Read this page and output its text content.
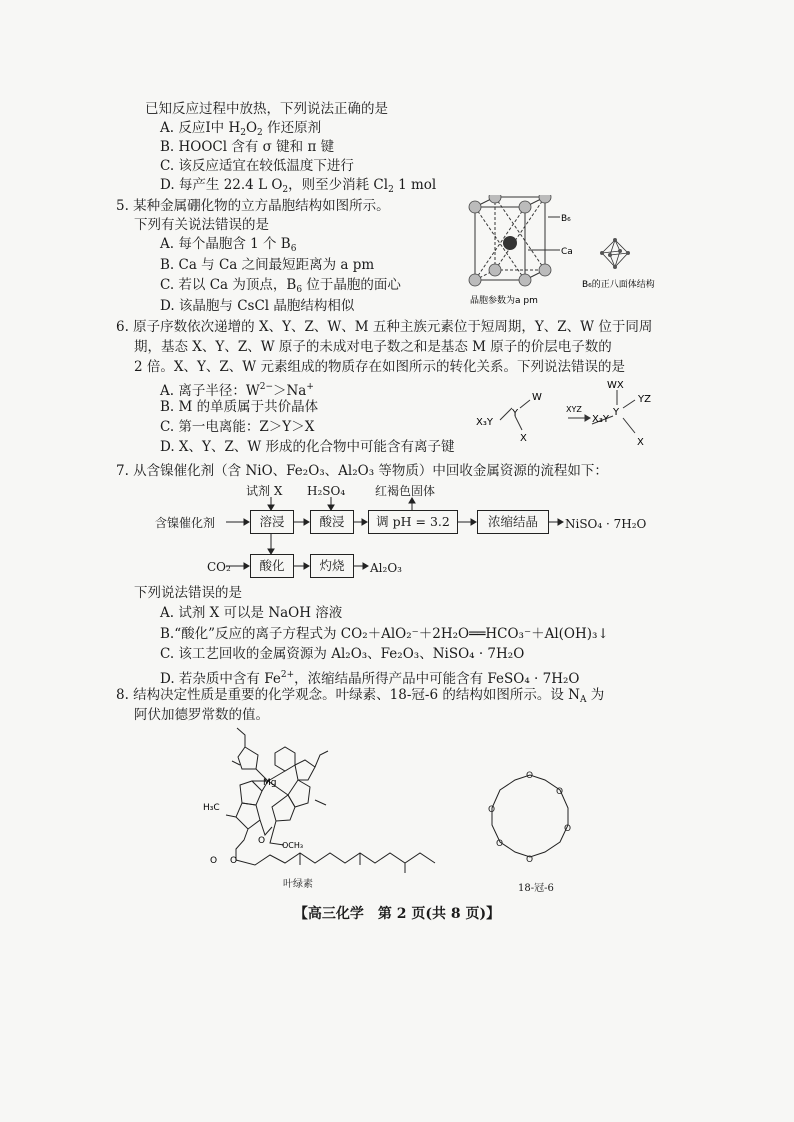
已知反应过程中放热，下列说法正确的是
A. 反应Ⅰ中 $H_2O_2$ 作还原剂
B. HOOCl 含有 σ 键和 π 键
C. 该反应适宜在较低温度下进行
D. 每产生 22.4 L $O_2$，则至少消耗 $Cl_2$ 1 mol
5. 某种金属硼化物的立方晶胞结构如图所示。
下列有关说法错误的是
A. 每个晶胞含 1 个 $B_6$
B. Ca 与 Ca 之间最短距离为 a pm
C. 若以 Ca 为顶点，$B_6$ 位于晶胞的面心
D. 该晶胞与 CsCl 晶胞结构相似
B₆
Ca
晶胞参数为a pm
B₆的正八面体结构
6. 原子序数依次递增的 X、Y、Z、W、M 五种主族元素位于短周期，Y、Z、W 位于同周
期，基态 X、Y、Z、W 原子的未成对电子数之和是基态 M 原子的价层电子数的
2 倍。X、Y、Z、W 元素组成的物质存在如图所示的转化关系。下列说法错误的是
A. 离子半径：$W^{2-}>Na^+$
B. M 的单质属于共价晶体
C. 第一电离能：Z＞Y＞X
D. X、Y、Z、W 形成的化合物中可能含有离子键
X₃Y
Y
W
X
XYZ
X₃Y
Y
WX
YZ
X
7. 从含镍催化剂（含 NiO、Fe₂O₃、Al₂O₃ 等物质）中回收金属资源的流程如下：
试剂 X H₂SO₄ 红褐色固体
含镍催化剂	溶浸	酸浸	调 pH = 3.2	浓缩结晶	NiSO₄ · 7H₂O
CO₂	酸化	灼烧	Al₂O₃
下列说法错误的是
A. 试剂 X 可以是 NaOH 溶液
B.“酸化”反应的离子方程式为 CO₂＋AlO₂⁻＋2H₂O══HCO₃⁻＋Al(OH)₃↓
C. 该工艺回收的金属资源为 Al₂O₃、Fe₂O₃、NiSO₄ · 7H₂O
D. 若杂质中含有 $Fe^{2+}$，浓缩结晶所得产品中可能含有 FeSO₄ · 7H₂O
8. 结构决定性质是重要的化学观念。叶绿素、18-冠-6 的结构如图所示。设 $N_A$ 为
阿伏加德罗常数的值。
Mg
H₃C
OCH₃
O O
O
叶绿素
O
O
O
O
O
O
18-冠-6
【高三化学　第 2 页(共 8 页)】
